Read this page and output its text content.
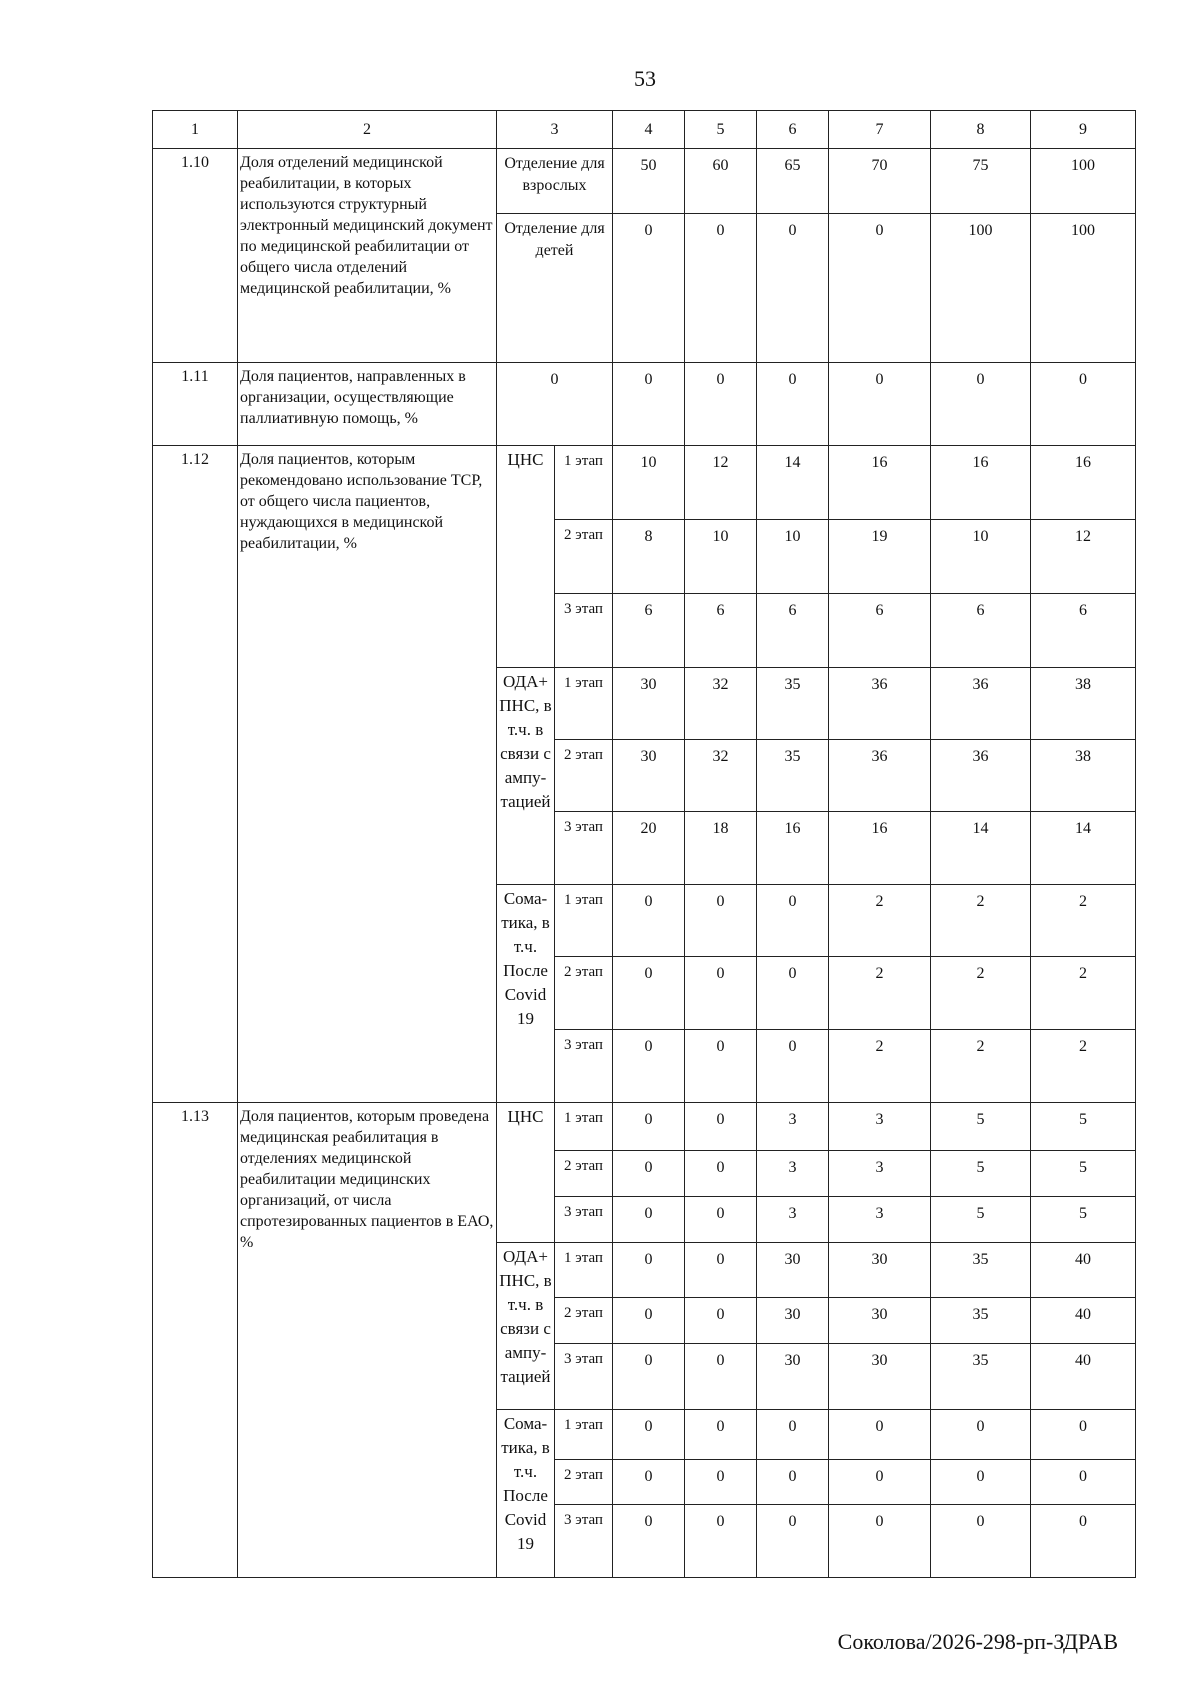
53
1	2	3		4	5	6	7	8	9
1.10	Доля отделений медицинской реабилитации, в которых используются структурный электронный медицинский документ по медицинской реабилитации от общего числа отделений медицинской реабилитации, %	Отделение для взрослых		50	60	65	70	75	100
		Отделение для детей		0	0	0	0	100	100
1.11	Доля пациентов, направленных в организации, осуществляющие паллиативную помощь, %	0		0	0	0	0	0	0
1.12	Доля пациентов, которым рекомендовано использование ТСР, от общего числа пациентов, нуждающихся в медицинской реабилитации, %	ЦНС	1 этап	10	12	14	16	16	16
			2 этап	8	10	10	19	10	12
			3 этап	6	6	6	6	6	6
		ОДА+ ПНС, в т.ч. в связи с ампу- тацией	1 этап	30	32	35	36	36	38
			2 этап	30	32	35	36	36	38
			3 этап	20	18	16	16	14	14
		Сома- тика, в т.ч. После Covid 19	1 этап	0	0	0	2	2	2
			2 этап	0	0	0	2	2	2
			3 этап	0	0	0	2	2	2
1.13	Доля пациентов, которым проведена медицинская реабилитация в отделениях медицинской реабилитации медицинских организаций, от числа спротезированных пациентов в ЕАО, %	ЦНС	1 этап	0	0	3	3	5	5
			2 этап	0	0	3	3	5	5
			3 этап	0	0	3	3	5	5
		ОДА+ ПНС, в т.ч. в связи с ампу- тацией	1 этап	0	0	30	30	35	40
			2 этап	0	0	30	30	35	40
			3 этап	0	0	30	30	35	40
		Сома- тика, в т.ч. После Covid 19	1 этап	0	0	0	0	0	0
			2 этап	0	0	0	0	0	0
			3 этап	0	0	0	0	0	0
Соколова/2026-298-рп-ЗДРАВ
